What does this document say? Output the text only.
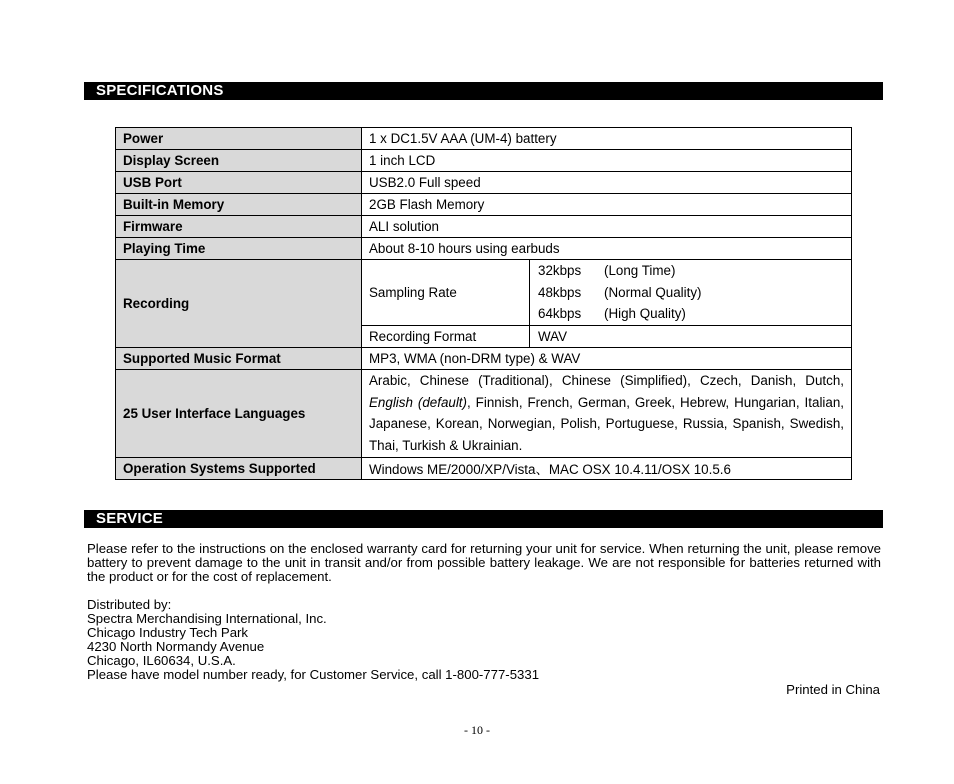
SPECIFICATIONS
Power	1 x DC1.5V AAA (UM-4) battery	
Display Screen	1 inch LCD	
USB Port	USB2.0 Full speed	
Built-in Memory	2GB Flash Memory	
Firmware	ALI solution	
Playing Time	About 8-10 hours using earbuds	
Recording	Sampling Rate	32kbps (Long Time)
48kbps (Normal Quality)
64kbps (High Quality)

	Recording Format	WAV
Supported Music Format	MP3, WMA (non-DRM type) & WAV	
25 User Interface Languages	Arabic, Chinese (Traditional), Chinese (Simplified), Czech, Danish, Dutch, English (default), Finnish, French, German, Greek, Hebrew, Hungarian, Italian, Japanese, Korean, Norwegian, Polish, Portuguese, Russia, Spanish, Swedish, Thai, Turkish & Ukrainian.	
Operation Systems Supported	Windows ME/2000/XP/Vista、MAC OSX 10.4.11/OSX 10.5.6	
SERVICE
Please refer to the instructions on the enclosed warranty card for returning your unit for service. When returning the unit, please remove battery to prevent damage to the unit in transit and/or from possible battery leakage. We are not responsible for batteries returned with the product or for the cost of replacement.
Distributed by:
Spectra Merchandising International, Inc.
Chicago Industry Tech Park
4230 North Normandy Avenue
Chicago, IL60634, U.S.A.
Please have model number ready, for Customer Service, call 1-800-777-5331
Printed in China
- 10 -
